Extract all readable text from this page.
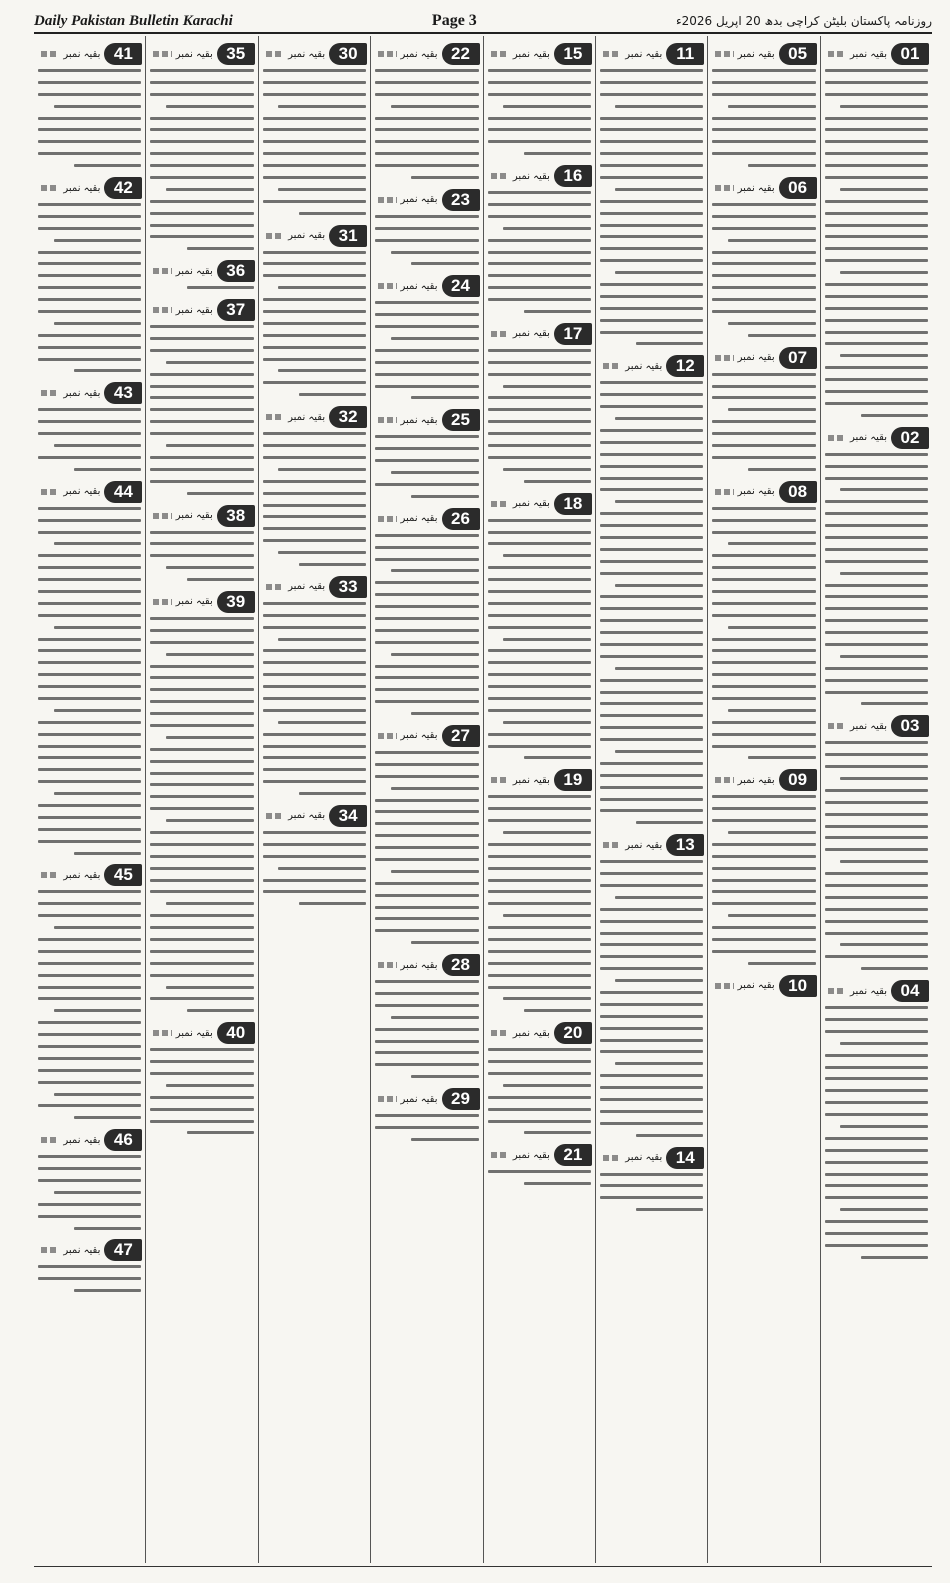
Daily Pakistan Bulletin Karachi	Page 3	روزنامہ پاکستان بلیٹن کراچی بدھ 20 اپریل 2026ء
01
بقیہ نمبر
02
بقیہ نمبر
03
بقیہ نمبر
04
بقیہ نمبر
05
بقیہ نمبر
06
بقیہ نمبر
07
بقیہ نمبر
08
بقیہ نمبر
09
بقیہ نمبر
10
بقیہ نمبر
11
بقیہ نمبر
12
بقیہ نمبر
13
بقیہ نمبر
14
بقیہ نمبر
15
بقیہ نمبر
16
بقیہ نمبر
17
بقیہ نمبر
18
بقیہ نمبر
19
بقیہ نمبر
20
بقیہ نمبر
21
بقیہ نمبر
22
بقیہ نمبر
23
بقیہ نمبر
24
بقیہ نمبر
25
بقیہ نمبر
26
بقیہ نمبر
27
بقیہ نمبر
28
بقیہ نمبر
29
بقیہ نمبر
30
بقیہ نمبر
31
بقیہ نمبر
32
بقیہ نمبر
33
بقیہ نمبر
34
بقیہ نمبر
35
بقیہ نمبر
36
بقیہ نمبر
37
بقیہ نمبر
38
بقیہ نمبر
39
بقیہ نمبر
40
بقیہ نمبر
41
بقیہ نمبر
42
بقیہ نمبر
43
بقیہ نمبر
44
بقیہ نمبر
45
بقیہ نمبر
46
بقیہ نمبر
47
بقیہ نمبر
